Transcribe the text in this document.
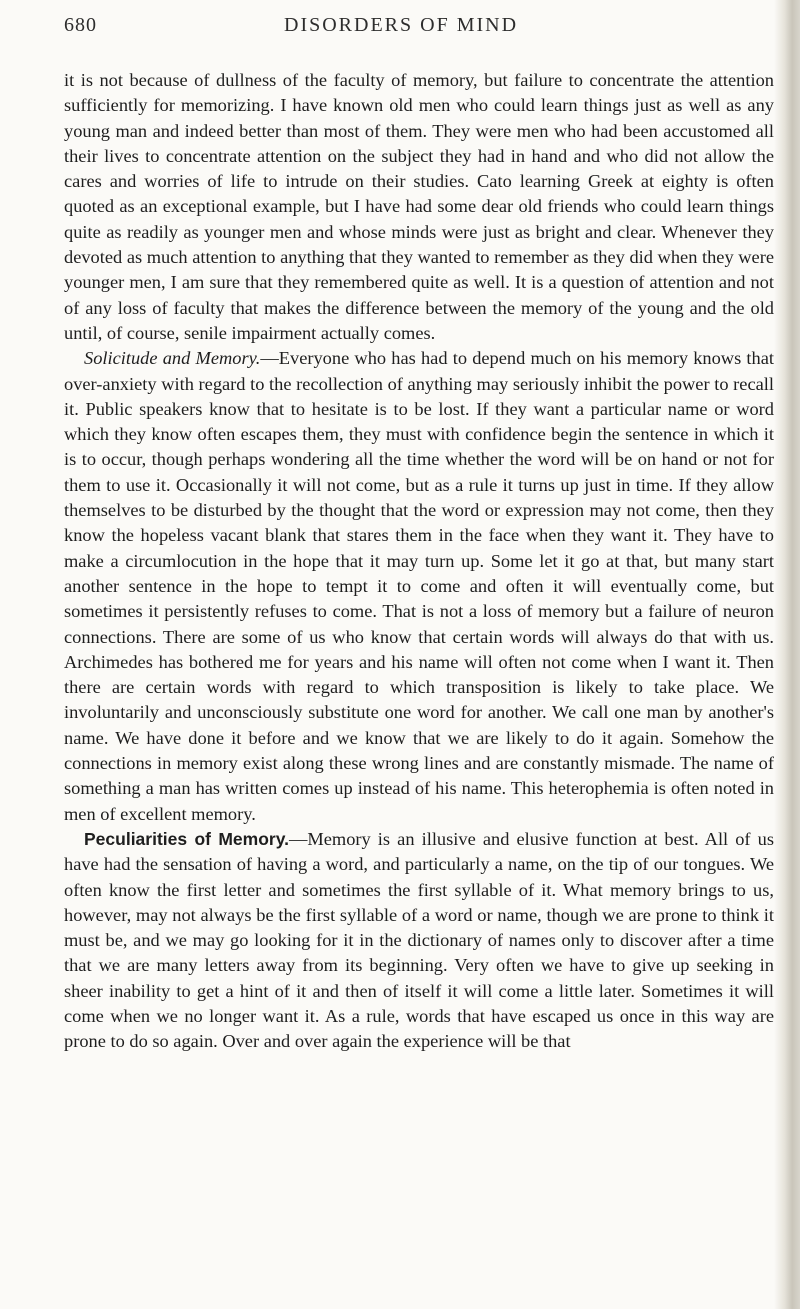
680	DISORDERS OF MIND

it is not because of dullness of the faculty of memory, but failure to concentrate the attention sufficiently for memorizing. I have known old men who could learn things just as well as any young man and indeed better than most of them. They were men who had been accustomed all their lives to concentrate attention on the subject they had in hand and who did not allow the cares and worries of life to intrude on their studies. Cato learning Greek at eighty is often quoted as an exceptional example, but I have had some dear old friends who could learn things quite as readily as younger men and whose minds were just as bright and clear. Whenever they devoted as much attention to anything that they wanted to remember as they did when they were younger men, I am sure that they remembered quite as well. It is a question of attention and not of any loss of faculty that makes the difference between the memory of the young and the old until, of course, senile impairment actually comes.

Solicitude and Memory.—Everyone who has had to depend much on his memory knows that over-anxiety with regard to the recollection of anything may seriously inhibit the power to recall it. Public speakers know that to hesitate is to be lost. If they want a particular name or word which they know often escapes them, they must with confidence begin the sentence in which it is to occur, though perhaps wondering all the time whether the word will be on hand or not for them to use it. Occasionally it will not come, but as a rule it turns up just in time. If they allow themselves to be disturbed by the thought that the word or expression may not come, then they know the hopeless vacant blank that stares them in the face when they want it. They have to make a circumlocution in the hope that it may turn up. Some let it go at that, but many start another sentence in the hope to tempt it to come and often it will eventually come, but sometimes it persistently refuses to come. That is not a loss of memory but a failure of neuron connections. There are some of us who know that certain words will always do that with us. Archimedes has bothered me for years and his name will often not come when I want it. Then there are certain words with regard to which transposition is likely to take place. We involuntarily and unconsciously substitute one word for another. We call one man by another's name. We have done it before and we know that we are likely to do it again. Somehow the connections in memory exist along these wrong lines and are constantly mismade. The name of something a man has written comes up instead of his name. This heterophemia is often noted in men of excellent memory.

Peculiarities of Memory.—Memory is an illusive and elusive function at best. All of us have had the sensation of having a word, and particularly a name, on the tip of our tongues. We often know the first letter and sometimes the first syllable of it. What memory brings to us, however, may not always be the first syllable of a word or name, though we are prone to think it must be, and we may go looking for it in the dictionary of names only to discover after a time that we are many letters away from its beginning. Very often we have to give up seeking in sheer inability to get a hint of it and then of itself it will come a little later. Sometimes it will come when we no longer want it. As a rule, words that have escaped us once in this way are prone to do so again. Over and over again the experience will be that
